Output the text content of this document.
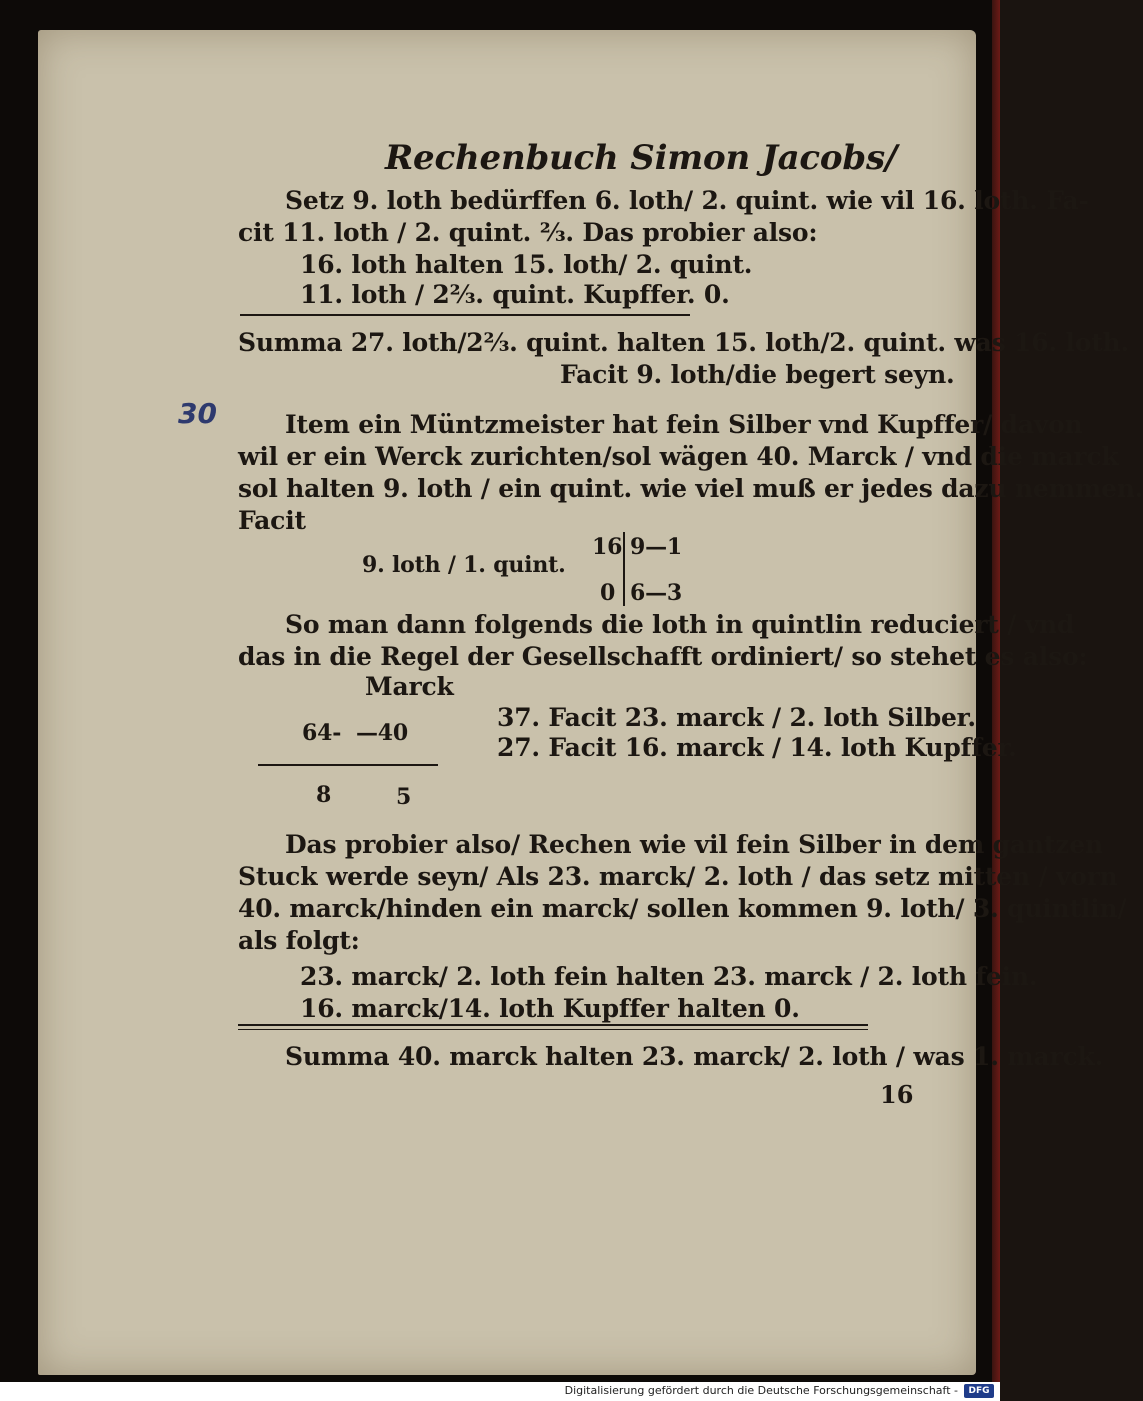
Rechenbuch Simon Jacobs/
Setz 9. loth bedürffen 6. loth/ 2. quint. wie vil 16. loth. Fa-
cit 11. loth / 2. quint. ⅔. Das probier also:
16. loth halten 15. loth/ 2. quint.
11. loth / 2⅔. quint. Kupffer. 0.
Summa 27. loth/2⅔. quint. halten 15. loth/2. quint. was 16. loth.
Facit 9. loth/die begert seyn.
30	Item ein Müntzmeister hat fein Silber vnd Kupffer/ davon
wil er ein Werck zurichten/sol wägen 40. Marck / vnd die marck
sol halten 9. loth / ein quint. wie viel muß er jedes dazu nemmen.
Facit
9. loth / 1. quint.
16 9—1
0 6—3
So man dann folgends die loth in quintlin reduciert / vnd
das in die Regel der Gesellschafft ordiniert/ so stehet es also:
Marck
64- —40
8	5
37. Facit 23. marck / 2. loth Silber.
27. Facit 16. marck / 14. loth Kupffer.
Das probier also/ Rechen wie vil fein Silber in dem gantzen
Stuck werde seyn/ Als 23. marck/ 2. loth / das setz mitten / vorn
40. marck/hinden ein marck/ sollen kommen 9. loth/ 3. quintlin/
als folgt:
23. marck/ 2. loth fein halten 23. marck / 2. loth fein.
16. marck/14. loth Kupffer halten 0.
Summa 40. marck halten 23. marck/ 2. loth / was 1. marck.
16
Digitalisierung gefördert durch die Deutsche Forschungsgemeinschaft -	DFG
